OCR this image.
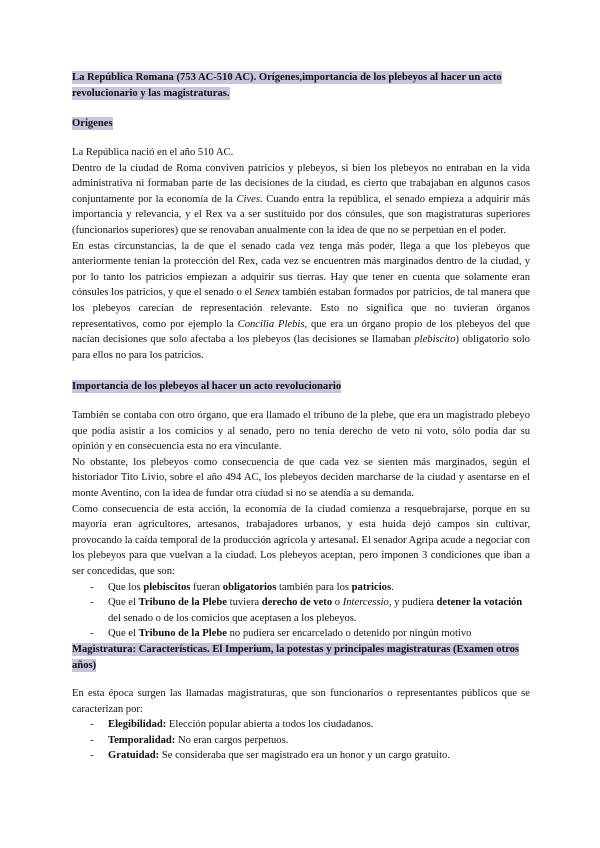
La República Romana (753 AC-510 AC). Orígenes,importancia de los plebeyos al hacer un acto revolucionario y las magistraturas.
Orígenes

La República nació en el año 510 AC.

Dentro de la ciudad de Roma conviven patricios y plebeyos, si bien los plebeyos no entraban en la vida administrativa ni formaban parte de las decisiones de la ciudad, es cierto que trabajaban en algunos casos conjuntamente por la economía de la Cives. Cuando entra la república, el senado empieza a adquirir más importancia y relevancia, y el Rex va a ser sustituido por dos cónsules, que son magistraturas superiores (funcionarios superiores) que se renovaban anualmente con la idea de que no se perpetúan en el poder.

En estas circunstancias, la de que el senado cada vez tenga más poder, llega a que los plebeyos que anteriormente tenían la protección del Rex, cada vez se encuentren más marginados dentro de la ciudad, y por lo tanto los patricios empiezan a adquirir sus tierras. Hay que tener en cuenta que solamente eran cónsules los patricios, y que el senado o el Senex también estaban formados por patricios, de tal manera que los plebeyos carecían de representación relevante. Esto no significa que no tuvieran órganos representativos, como por ejemplo la Concilia Plebis, que era un órgano propio de los plebeyos del que nacían decisiones que solo afectaba a los plebeyos (las decisiones se llamaban plebiscito) obligatorio solo para ellos no para los patricios.

Importancia de los plebeyos al hacer un acto revolucionario

También se contaba con otro órgano, que era llamado el tribuno de la plebe, que era un magistrado plebeyo que podía asistir a los comicios y al senado, pero no tenía derecho de veto ni voto, sólo podía dar su opinión y en consecuencia esta no era vinculante.

No obstante, los plebeyos como consecuencia de que cada vez se sienten más marginados, según el historiador Tito Livio, sobre el año 494 AC, los plebeyos deciden marcharse de la ciudad y asentarse en el monte Aventino, con la idea de fundar otra ciudad si no se atendía a su demanda.

Como consecuencia de esta acción, la economía de la ciudad comienza a resquebrajarse, porque en su mayoría eran agricultores, artesanos, trabajadores urbanos, y esta huida dejó campos sin cultivar, provocando la caída temporal de la producción agrícola y artesanal. El senador Agripa acude a negociar con los plebeyos para que vuelvan a la ciudad. Los plebeyos aceptan, pero imponen 3 condiciones que iban a ser concedidas, que son:

- Que los plebiscitos fueran obligatorios también para los patricios.
- Que el Tribuno de la Plebe tuviera derecho de veto o Intercessio, y pudiera detener la votación del senado o de los comicios que aceptasen a los plebeyos.
- Que el Tribuno de la Plebe no pudiera ser encarcelado o detenido por ningún motivo
Magistratura: Características. El Imperium, la potestas y principales magistraturas (Examen otros años)

En esta época surgen las llamadas magistraturas, que son funcionarios o representantes públicos que se caracterizan por:

- Elegibilidad: Elección popular abierta a todos los ciudadanos.
- Temporalidad: No eran cargos perpetuos.
- Gratuidad: Se consideraba que ser magistrado era un honor y un cargo gratuito.
